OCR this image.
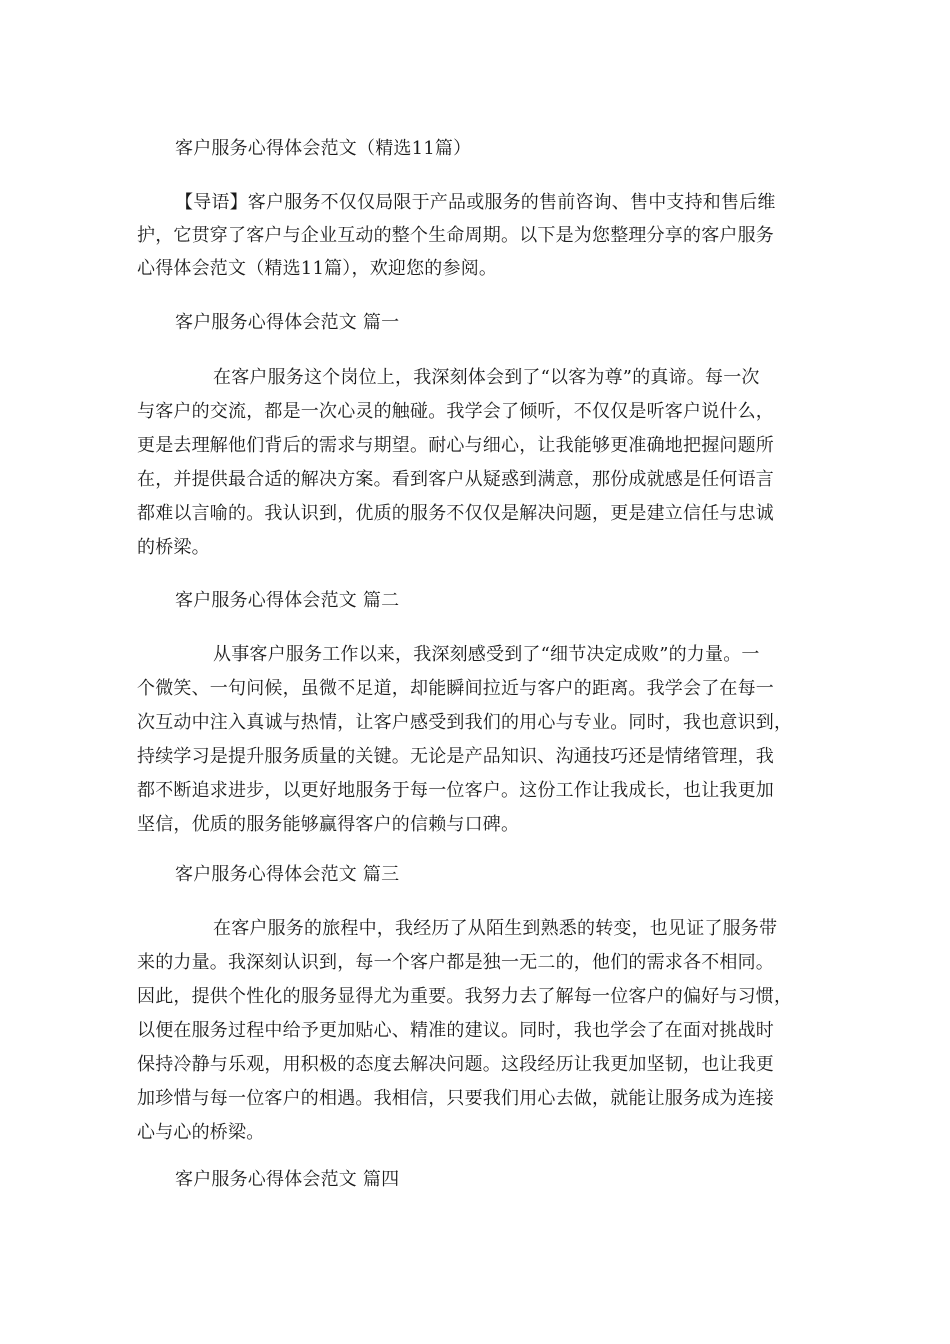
客户服务心得体会范文（精选11篇）
【导语】客户服务不仅仅局限于产品或服务的售前咨询、售中支持和售后维
护，它贯穿了客户与企业互动的整个生命周期。以下是为您整理分享的客户服务
心得体会范文（精选11篇），欢迎您的参阅。
客户服务心得体会范文 篇一
在客户服务这个岗位上，我深刻体会到了“以客为尊”的真谛。每一次
与客户的交流，都是一次心灵的触碰。我学会了倾听，不仅仅是听客户说什么，
更是去理解他们背后的需求与期望。耐心与细心，让我能够更准确地把握问题所
在，并提供最合适的解决方案。看到客户从疑惑到满意，那份成就感是任何语言
都难以言喻的。我认识到，优质的服务不仅仅是解决问题，更是建立信任与忠诚
的桥梁。
客户服务心得体会范文 篇二
从事客户服务工作以来，我深刻感受到了“细节决定成败”的力量。一
个微笑、一句问候，虽微不足道，却能瞬间拉近与客户的距离。我学会了在每一
次互动中注入真诚与热情，让客户感受到我们的用心与专业。同时，我也意识到，
持续学习是提升服务质量的关键。无论是产品知识、沟通技巧还是情绪管理，我
都不断追求进步，以更好地服务于每一位客户。这份工作让我成长，也让我更加
坚信，优质的服务能够赢得客户的信赖与口碑。
客户服务心得体会范文 篇三
在客户服务的旅程中，我经历了从陌生到熟悉的转变，也见证了服务带
来的力量。我深刻认识到，每一个客户都是独一无二的，他们的需求各不相同。
因此，提供个性化的服务显得尤为重要。我努力去了解每一位客户的偏好与习惯，
以便在服务过程中给予更加贴心、精准的建议。同时，我也学会了在面对挑战时
保持冷静与乐观，用积极的态度去解决问题。这段经历让我更加坚韧，也让我更
加珍惜与每一位客户的相遇。我相信，只要我们用心去做，就能让服务成为连接
心与心的桥梁。
客户服务心得体会范文 篇四
